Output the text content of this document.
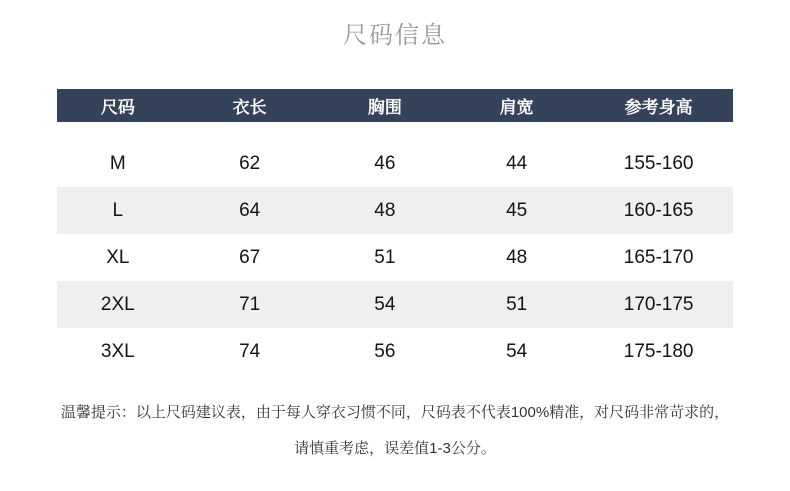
尺码信息
尺码	衣长	胸围	肩宽	参考身高
M	62	46	44	155-160
L	64	48	45	160-165
XL	67	51	48	165-170
2XL	71	54	51	170-175
3XL	74	56	54	175-180

温馨提示：以上尺码建议表，由于每人穿衣习惯不同，尺码表不代表100%精准，对尺码非常苛求的，

请慎重考虑，误差值1-3公分。
